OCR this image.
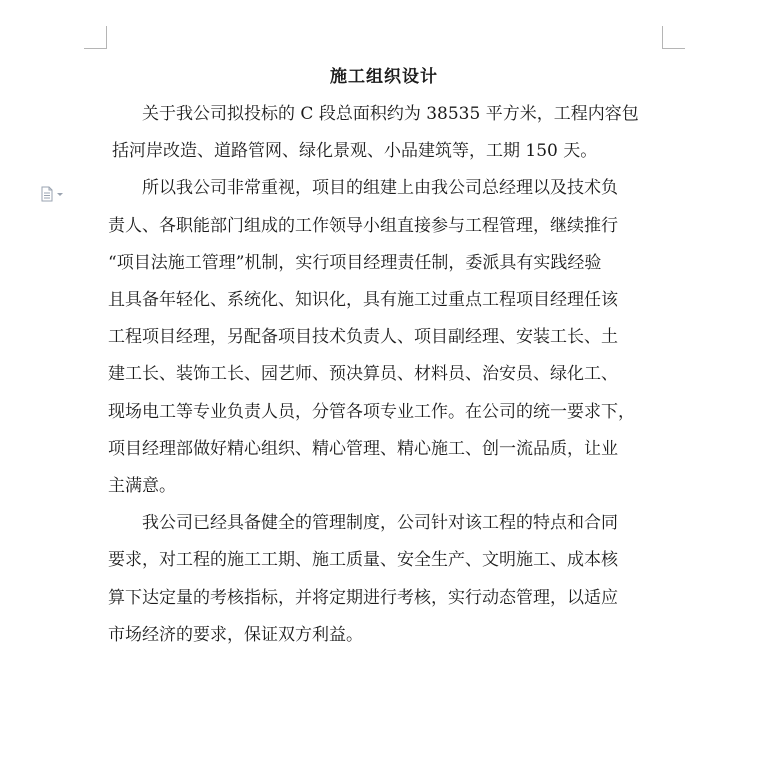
施工组织设计
关于我公司拟投标的 C 段总面积约为 38535 平方米，工程内容包
括河岸改造、道路管网、绿化景观、小品建筑等，工期 150 天。
所以我公司非常重视，项目的组建上由我公司总经理以及技术负
责人、各职能部门组成的工作领导小组直接参与工程管理，继续推行
“项目法施工管理”机制，实行项目经理责任制，委派具有实践经验
且具备年轻化、系统化、知识化，具有施工过重点工程项目经理任该
工程项目经理，另配备项目技术负责人、项目副经理、安装工长、土
建工长、装饰工长、园艺师、预决算员、材料员、治安员、绿化工、
现场电工等专业负责人员，分管各项专业工作。在公司的统一要求下，
项目经理部做好精心组织、精心管理、精心施工、创一流品质，让业
主满意。
我公司已经具备健全的管理制度，公司针对该工程的特点和合同
要求，对工程的施工工期、施工质量、安全生产、文明施工、成本核
算下达定量的考核指标，并将定期进行考核，实行动态管理，以适应
市场经济的要求，保证双方利益。
